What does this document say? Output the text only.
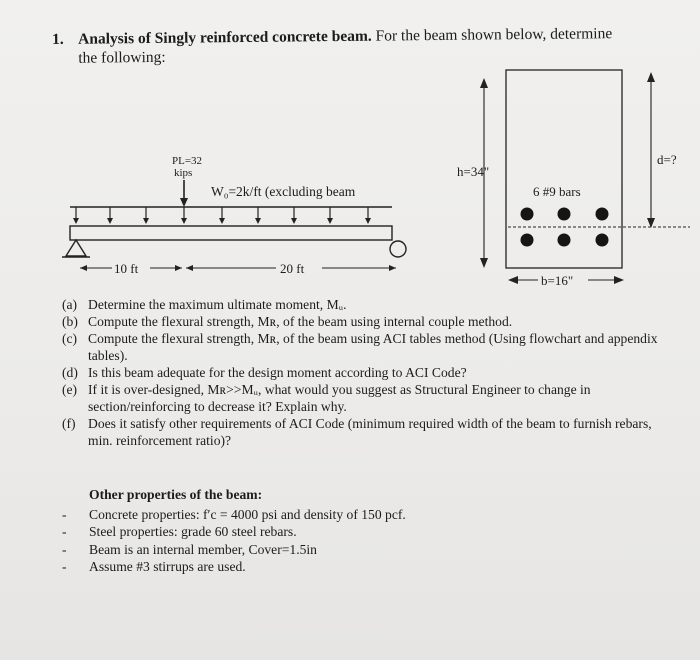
1. Analysis of Singly reinforced concrete beam. For the beam shown below, determine
the following:
PL=32
kips
W₀=2k/ft (excluding beam
10 ft	20 ft
h=34"
d=?
6 #9 bars
b=16"
(a) Determine the maximum ultimate moment, Mᵤ.
(b) Compute the flexural strength, Mʀ, of the beam using internal couple method.
(c) Compute the flexural strength, Mʀ, of the beam using ACI tables method (Using flowchart and appendix tables).
(d) Is this beam adequate for the design moment according to ACI Code?
(e) If it is over-designed, Mʀ>>Mᵤ, what would you suggest as Structural Engineer to change in section/reinforcing to decrease it? Explain why.
(f) Does it satisfy other requirements of ACI Code (minimum required width of the beam to furnish rebars, min. reinforcement ratio)?
Other properties of the beam:
-	Concrete properties: f′c = 4000 psi and density of 150 pcf.
-	Steel properties: grade 60 steel rebars.
-	Beam is an internal member, Cover=1.5in
-	Assume #3 stirrups are used.
